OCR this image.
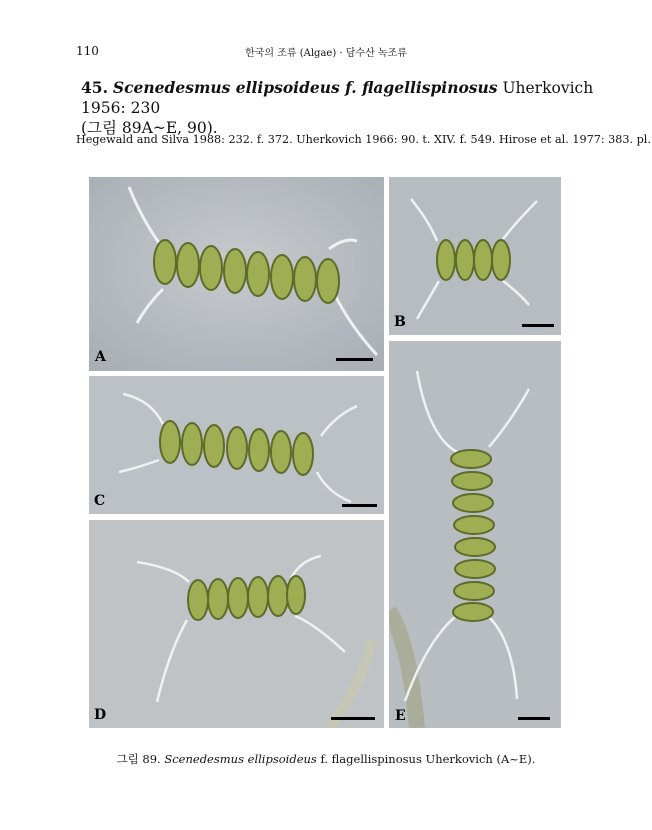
110	한국의 조류 (Algae) · 담수산 녹조류
45. Scenedesmus ellipsoideus f. flagellispinosus Uherkovich 1956: 230
(그림 89A~E, 90).
Hegewald and Silva 1988: 232. f. 372. Uherkovich 1966: 90. t. XIV. f. 549. Hirose et al. 1977: 383. pl.
A
B
C
D	E
그림 89. Scenedesmus ellipsoideus f. flagellispinosus Uherkovich (A~E).
